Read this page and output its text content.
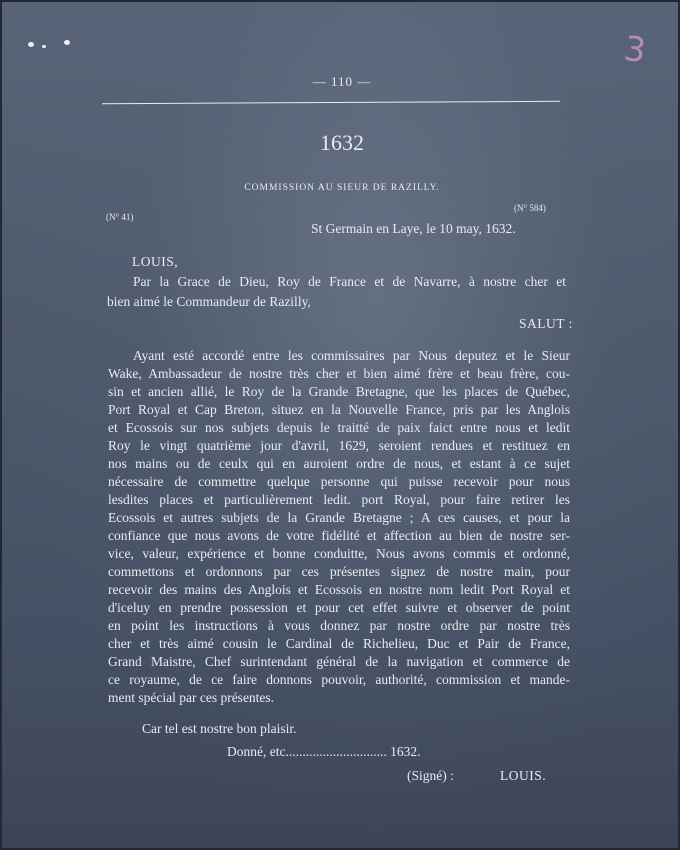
3
— 110 —
1632
COMMISSION AU SIEUR DE RAZILLY.
(N° 41)
(N° 584)
St Germain en Laye, le 10 may, 1632.
LOUIS,
Par la Grace de Dieu, Roy de France et de Navarre, à nostre cher et
bien aimé le Commandeur de Razilly,
SALUT :
Ayant esté accordé entre les commissaires par Nous deputez et le Sieur
Wake, Ambassadeur de nostre très cher et bien aimé frère et beau frère, cou-
sin et ancien allié, le Roy de la Grande Bretagne, que les places de Québec,
Port Royal et Cap Breton, situez en la Nouvelle France, pris par les Anglois
et Ecossois sur nos subjets depuis le traitté de paix faict entre nous et ledit
Roy le vingt quatrième jour d'avril, 1629, seroient rendues et restituez en
nos mains ou de ceulx qui en auroient ordre de nous, et estant à ce sujet
nécessaire de commettre quelque personne qui puisse recevoir pour nous
lesdites places et particulièrement ledit. port Royal, pour faire retirer les
Ecossois et autres subjets de la Grande Bretagne ; A ces causes, et pour la
confiance que nous avons de votre fidélité et affection au bien de nostre ser-
vice, valeur, expérience et bonne conduitte, Nous avons commis et ordonné,
commettons et ordonnons par ces présentes signez de nostre main, pour
recevoir des mains des Anglois et Ecossois en nostre nom ledit Port Royal et
d'iceluy en prendre possession et pour cet effet suivre et observer de point
en point les instructions à vous donnez par nostre ordre par nostre très
cher et très aimé cousin le Cardinal de Richelieu, Duc et Pair de France,
Grand Maistre, Chef surintendant général de la navigation et commerce de
ce royaume, de ce faire donnons pouvoir, authorité, commission et mande-
ment spécial par ces présentes.
Car tel est nostre bon plaisir.
Donné, etc.............................. 1632.
(Signé) :	LOUIS.
